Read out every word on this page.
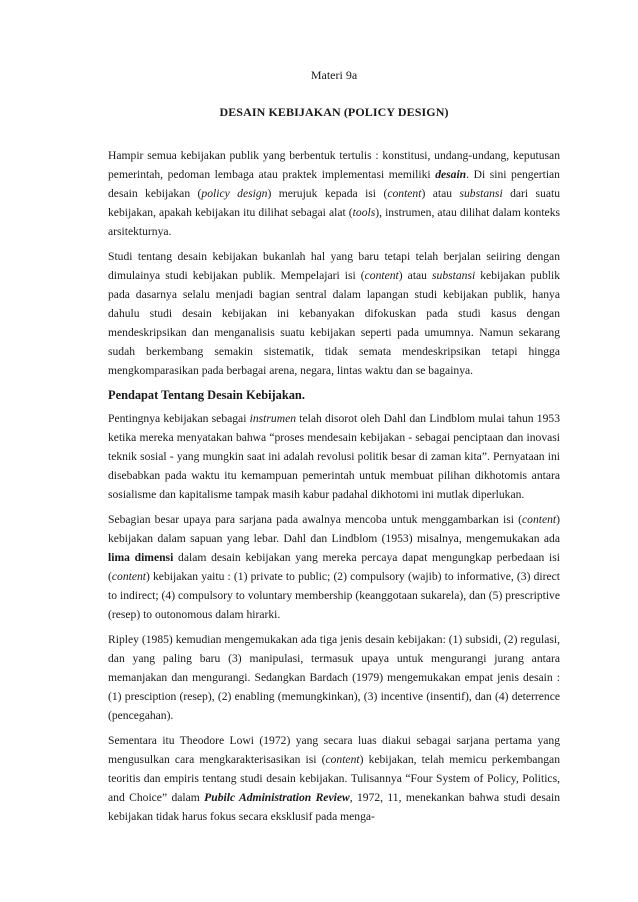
Materi 9a
DESAIN KEBIJAKAN (POLICY DESIGN)

Hampir semua kebijakan publik yang berbentuk tertulis : konstitusi, undang-undang, keputusan pemerintah, pedoman lembaga atau praktek implementasi memiliki desain. Di sini pengertian desain kebijakan (policy design) merujuk kepada isi (content) atau substansi dari suatu kebijakan, apakah kebijakan itu dilihat sebagai alat (tools), instrumen, atau dilihat dalam konteks arsitekturnya.

Studi tentang desain kebijakan bukanlah hal yang baru tetapi telah berjalan seiiring dengan dimulainya studi kebijakan publik. Mempelajari isi (content) atau substansi kebijakan publik pada dasarnya selalu menjadi bagian sentral dalam lapangan studi kebijakan publik, hanya dahulu studi desain kebijakan ini kebanyakan difokuskan pada studi kasus dengan mendeskripsikan dan menganalisis suatu kebijakan seperti pada umumnya. Namun sekarang sudah berkembang semakin sistematik, tidak semata mendeskripsikan tetapi hingga mengkomparasikan pada berbagai arena, negara, lintas waktu dan se bagainya.

Pendapat Tentang Desain Kebijakan.

Pentingnya kebijakan sebagai instrumen telah disorot oleh Dahl dan Lindblom mulai tahun 1953 ketika mereka menyatakan bahwa “proses mendesain kebijakan - sebagai penciptaan dan inovasi teknik sosial - yang mungkin saat ini adalah revolusi politik besar di zaman kita”. Pernyataan ini disebabkan pada waktu itu kemampuan pemerintah untuk membuat pilihan dikhotomis antara sosialisme dan kapitalisme tampak masih kabur padahal dikhotomi ini mutlak diperlukan.

Sebagian besar upaya para sarjana pada awalnya mencoba untuk menggambarkan isi (content) kebijakan dalam sapuan yang lebar. Dahl dan Lindblom (1953) misalnya, mengemukakan ada lima dimensi dalam desain kebijakan yang mereka percaya dapat mengungkap perbedaan isi (content) kebijakan yaitu : (1) private to public; (2) compulsory (wajib) to informative, (3) direct to indirect; (4) compulsory to voluntary membership (keanggotaan sukarela), dan (5) prescriptive (resep) to outonomous dalam hirarki.

Ripley (1985) kemudian mengemukakan ada tiga jenis desain kebijakan: (1) subsidi, (2) regulasi, dan yang paling baru (3) manipulasi, termasuk upaya untuk mengurangi jurang antara memanjakan dan mengurangi. Sedangkan Bardach (1979) mengemukakan empat jenis desain : (1) presciption (resep), (2) enabling (memungkinkan), (3) incentive (insentif), dan (4) deterrence (pencegahan).

Sementara itu Theodore Lowi (1972) yang secara luas diakui sebagai sarjana pertama yang mengusulkan cara mengkarakterisasikan isi (content) kebijakan, telah memicu perkembangan teoritis dan empiris tentang studi desain kebijakan. Tulisannya “Four System of Policy, Politics, and Choice” dalam Pubilc Administration Review, 1972, 11, menekankan bahwa studi desain kebijakan tidak harus fokus secara eksklusif pada menga-
